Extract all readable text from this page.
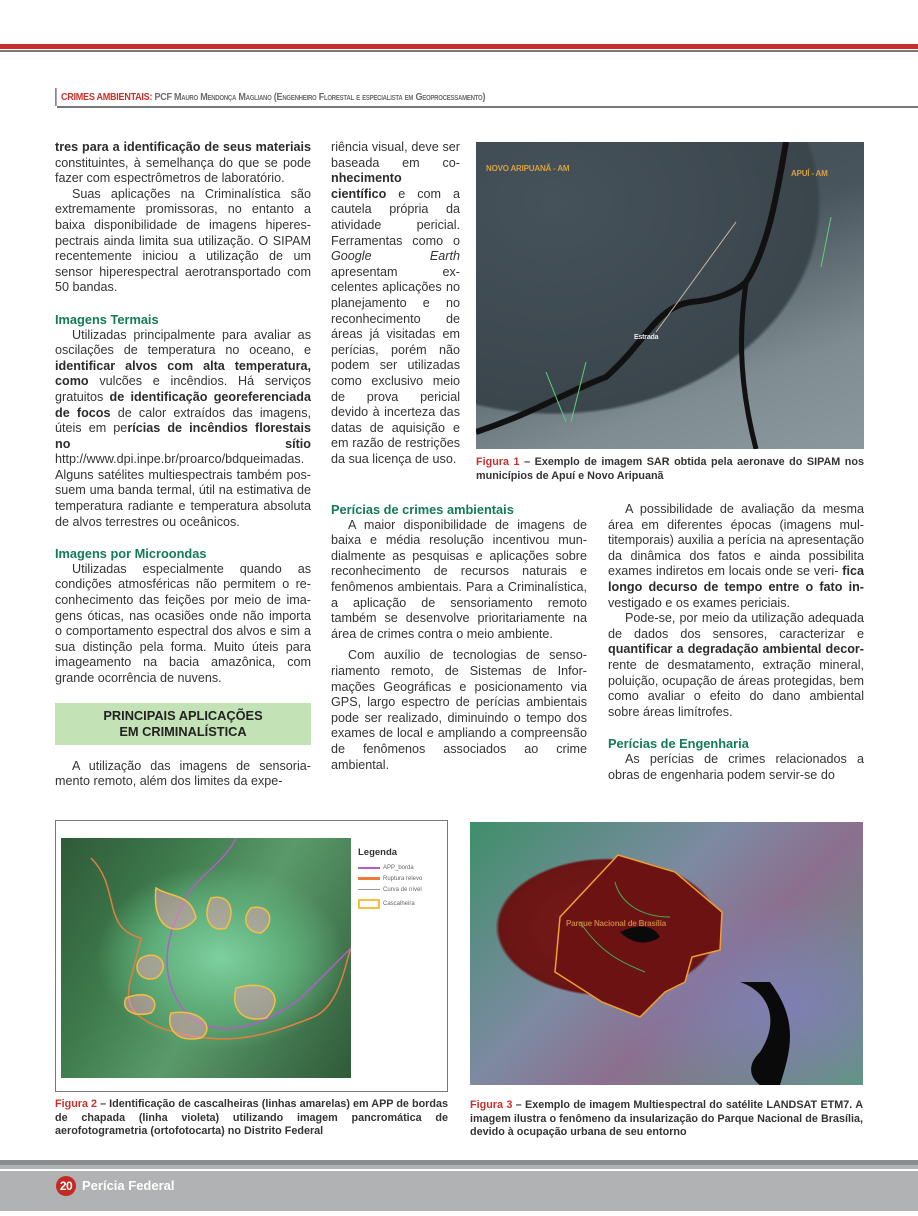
CRIMES AMBIENTAIS: PCF Mauro Mendonça Magliano (Engenheiro Florestal e especialista em Geoprocessamento)

tres para a identificação de seus materiais constituintes, à semelhança do que se pode fazer com espectrômetros de laboratório.

Suas aplicações na Criminalística são extremamente promissoras, no entanto a baixa disponibilidade de imagens hiperespectrais ainda limita sua utilização. O SIPAM recentemente iniciou a utilização de um sensor hiperespectral aerotransportado com 50 bandas.

Imagens Termais

Utilizadas principalmente para avaliar as oscilações de temperatura no oceano, e identificar alvos com alta temperatura, como vulcões e incêndios. Há serviços gratuitos de identificação georeferenciada de focos de calor extraídos das imagens, úteis em perícias de incêndios florestais no sítio http://www.dpi.inpe.br/proarco/bdqueimadas. Alguns satélites multiespectrais também possuem uma banda termal, útil na estimativa de temperatura radiante e temperatura absoluta de alvos terrestres ou oceânicos.

Imagens por Microondas

Utilizadas especialmente quando as condições atmosféricas não permitem o reconhecimento das feições por meio de imagens óticas, nas ocasiões onde não importa o comportamento espectral dos alvos e sim a sua distinção pela forma. Muito úteis para imageamento na bacia amazônica, com grande ocorrência de nuvens.

PRINCIPAIS APLICAÇÕES
EM CRIMINALÍSTICA

A utilização das imagens de sensoriamento remoto, além dos limites da expe-

riência visual, deve ser baseada em co-nhecimento científico e com a cautela própria da atividade pericial. Ferramentas como o Google Earth apresentam excelentes aplicações no planejamento e no reconhecimento de áreas já visitadas em perícias, porém não podem ser utilizadas como exclusivo meio de prova pericial devido à incerteza das datas de aquisição e em razão de restrições da sua licença de uso.

NOVO ARIPUANÃ - AM
APUÍ - AM
Estrada
Figura 1 – Exemplo de imagem SAR obtida pela aeronave do SIPAM nos municípios de Apuí e Novo Aripuanã
Perícias de crimes ambientais

A maior disponibilidade de imagens de baixa e média resolução incentivou mundialmente as pesquisas e aplicações sobre reconhecimento de recursos naturais e fenômenos ambientais. Para a Criminalística, a aplicação de sensoriamento remoto também se desenvolve prioritariamente na área de crimes contra o meio ambiente.

Com auxílio de tecnologias de sensoriamento remoto, de Sistemas de Informações Geográficas e posicionamento via GPS, largo espectro de perícias ambientais pode ser realizado, diminuindo o tempo dos exames de local e ampliando a compreensão de fenômenos associados ao crime ambiental.

A possibilidade de avaliação da mesma área em diferentes épocas (imagens multitemporais) auxilia a perícia na apresentação da dinâmica dos fatos e ainda possibilita exames indiretos em locais onde se veri- fica longo decurso de tempo entre o fato in- vestigado e os exames periciais.

Pode-se, por meio da utilização adequada de dados dos sensores, caracterizar e quantificar a degradação ambiental decor- rente de desmatamento, extração mineral, poluição, ocupação de áreas protegidas, bem como avaliar o efeito do dano ambiental sobre áreas limítrofes.

Perícias de Engenharia

As perícias de crimes relacionados a obras de engenharia podem servir-se do

Legenda
APP_borda
Ruptura relevo
Curva de nível
Cascalheira
Figura 2 – Identificação de cascalheiras (linhas amarelas) em APP de bordas de chapada (linha violeta) utilizando imagem pancromática de aerofotogrametria (ortofotocarta) no Distrito Federal
Parque Nacional de Brasília
Figura 3 – Exemplo de imagem Multiespectral do satélite LANDSAT ETM7. A imagem ilustra o fenômeno da insularização do Parque Nacional de Brasília, devido à ocupação urbana de seu entorno
20 Perícia Federal
